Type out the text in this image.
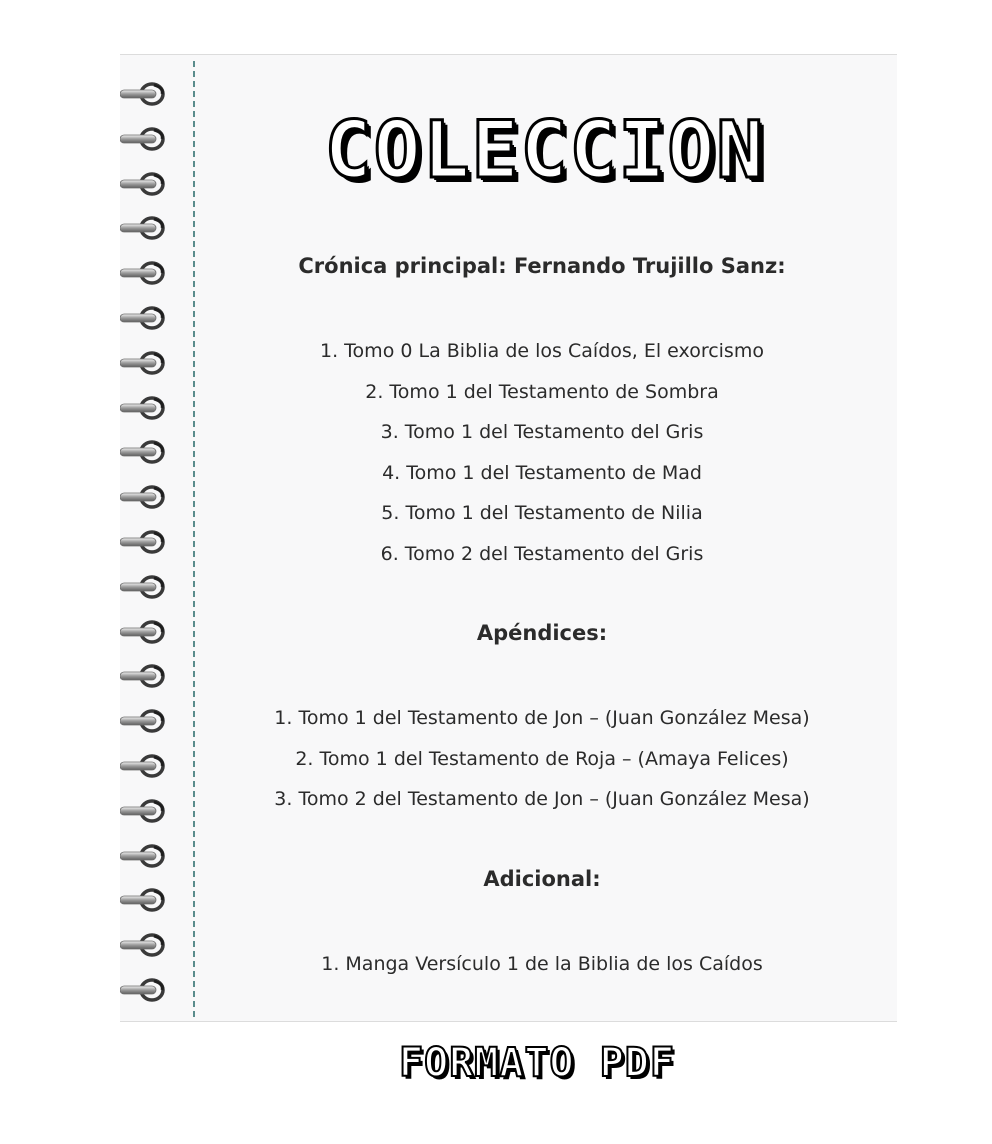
COLECCION
Crónica principal: Fernando Trujillo Sanz:
1. Tomo 0 La Biblia de los Caídos, El exorcismo
2. Tomo 1 del Testamento de Sombra
3. Tomo 1 del Testamento del Gris
4. Tomo 1 del Testamento de Mad
5. Tomo 1 del Testamento de Nilia
6. Tomo 2 del Testamento del Gris
Apéndices:
1. Tomo 1 del Testamento de Jon – (Juan González Mesa)
2. Tomo 1 del Testamento de Roja – (Amaya Felices)
3. Tomo 2 del Testamento de Jon – (Juan González Mesa)
Adicional:
1. Manga Versículo 1 de la Biblia de los Caídos
FORMATO PDF
